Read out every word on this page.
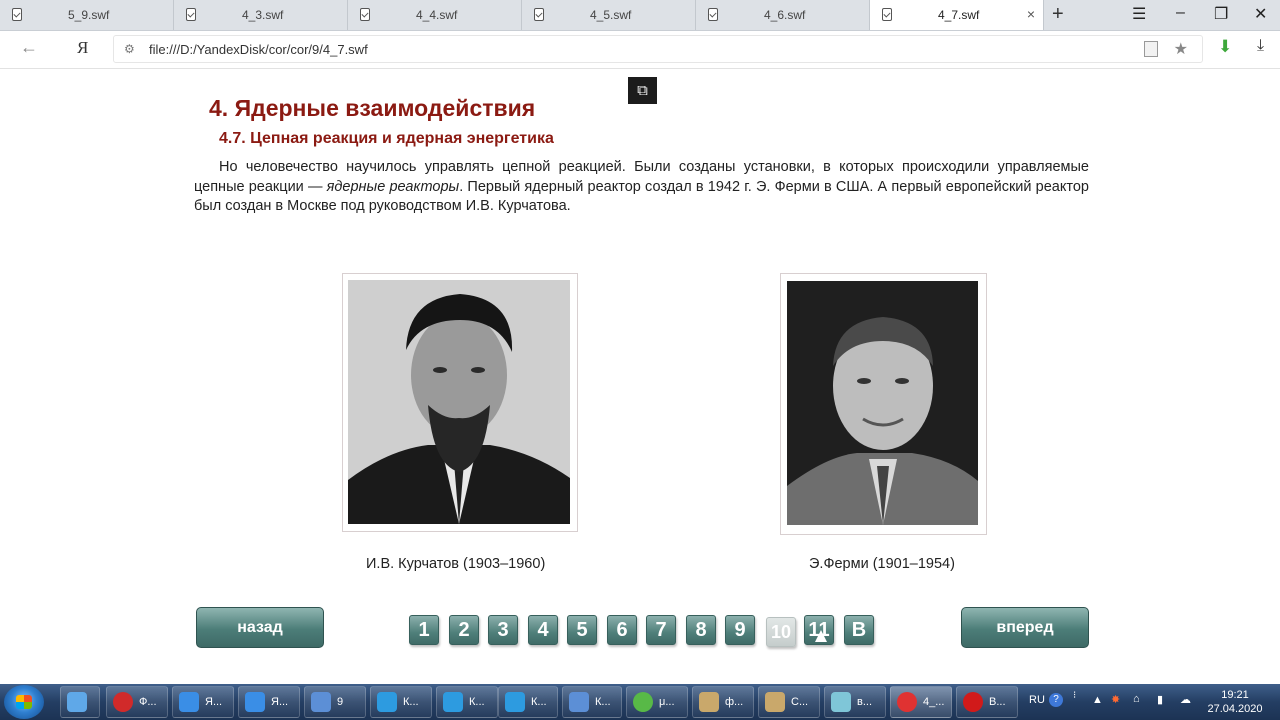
5_9.swf	4_3.swf	4_4.swf	4_5.swf	4_6.swf	4_7.swf	× +	☰ – ❐ ✕
← Я	⚙ file:///D:/YandexDisk/cor/cor/9/4_7.swf	★ ⬇ ⤓
⧉
4. Ядерные взаимодействия
4.7. Цепная реакция и ядерная энергетика
Но человечество научилось управлять цепной реакцией. Были созданы установки, в которых происходили управляемые цепные реакции — ядерные реакторы. Первый ядерный реактор создал в 1942 г. Э. Ферми в США. А первый европейский реактор был создан в Москве под руководством И.В. Курчатова.
И.В. Курчатов (1903–1960)	Э.Ферми (1901–1954)
назад	вперед
1	2	3	4	5	6	7	8	9	10 11	В
Ф...	Я...	Я...	9	К...	К...	К...	К...	μ...	ф...	С...	в...	4_...	В... RU ?	⁝ ▲ ✸ ⌂ ▮ ☁	19:21
27.04.2020
